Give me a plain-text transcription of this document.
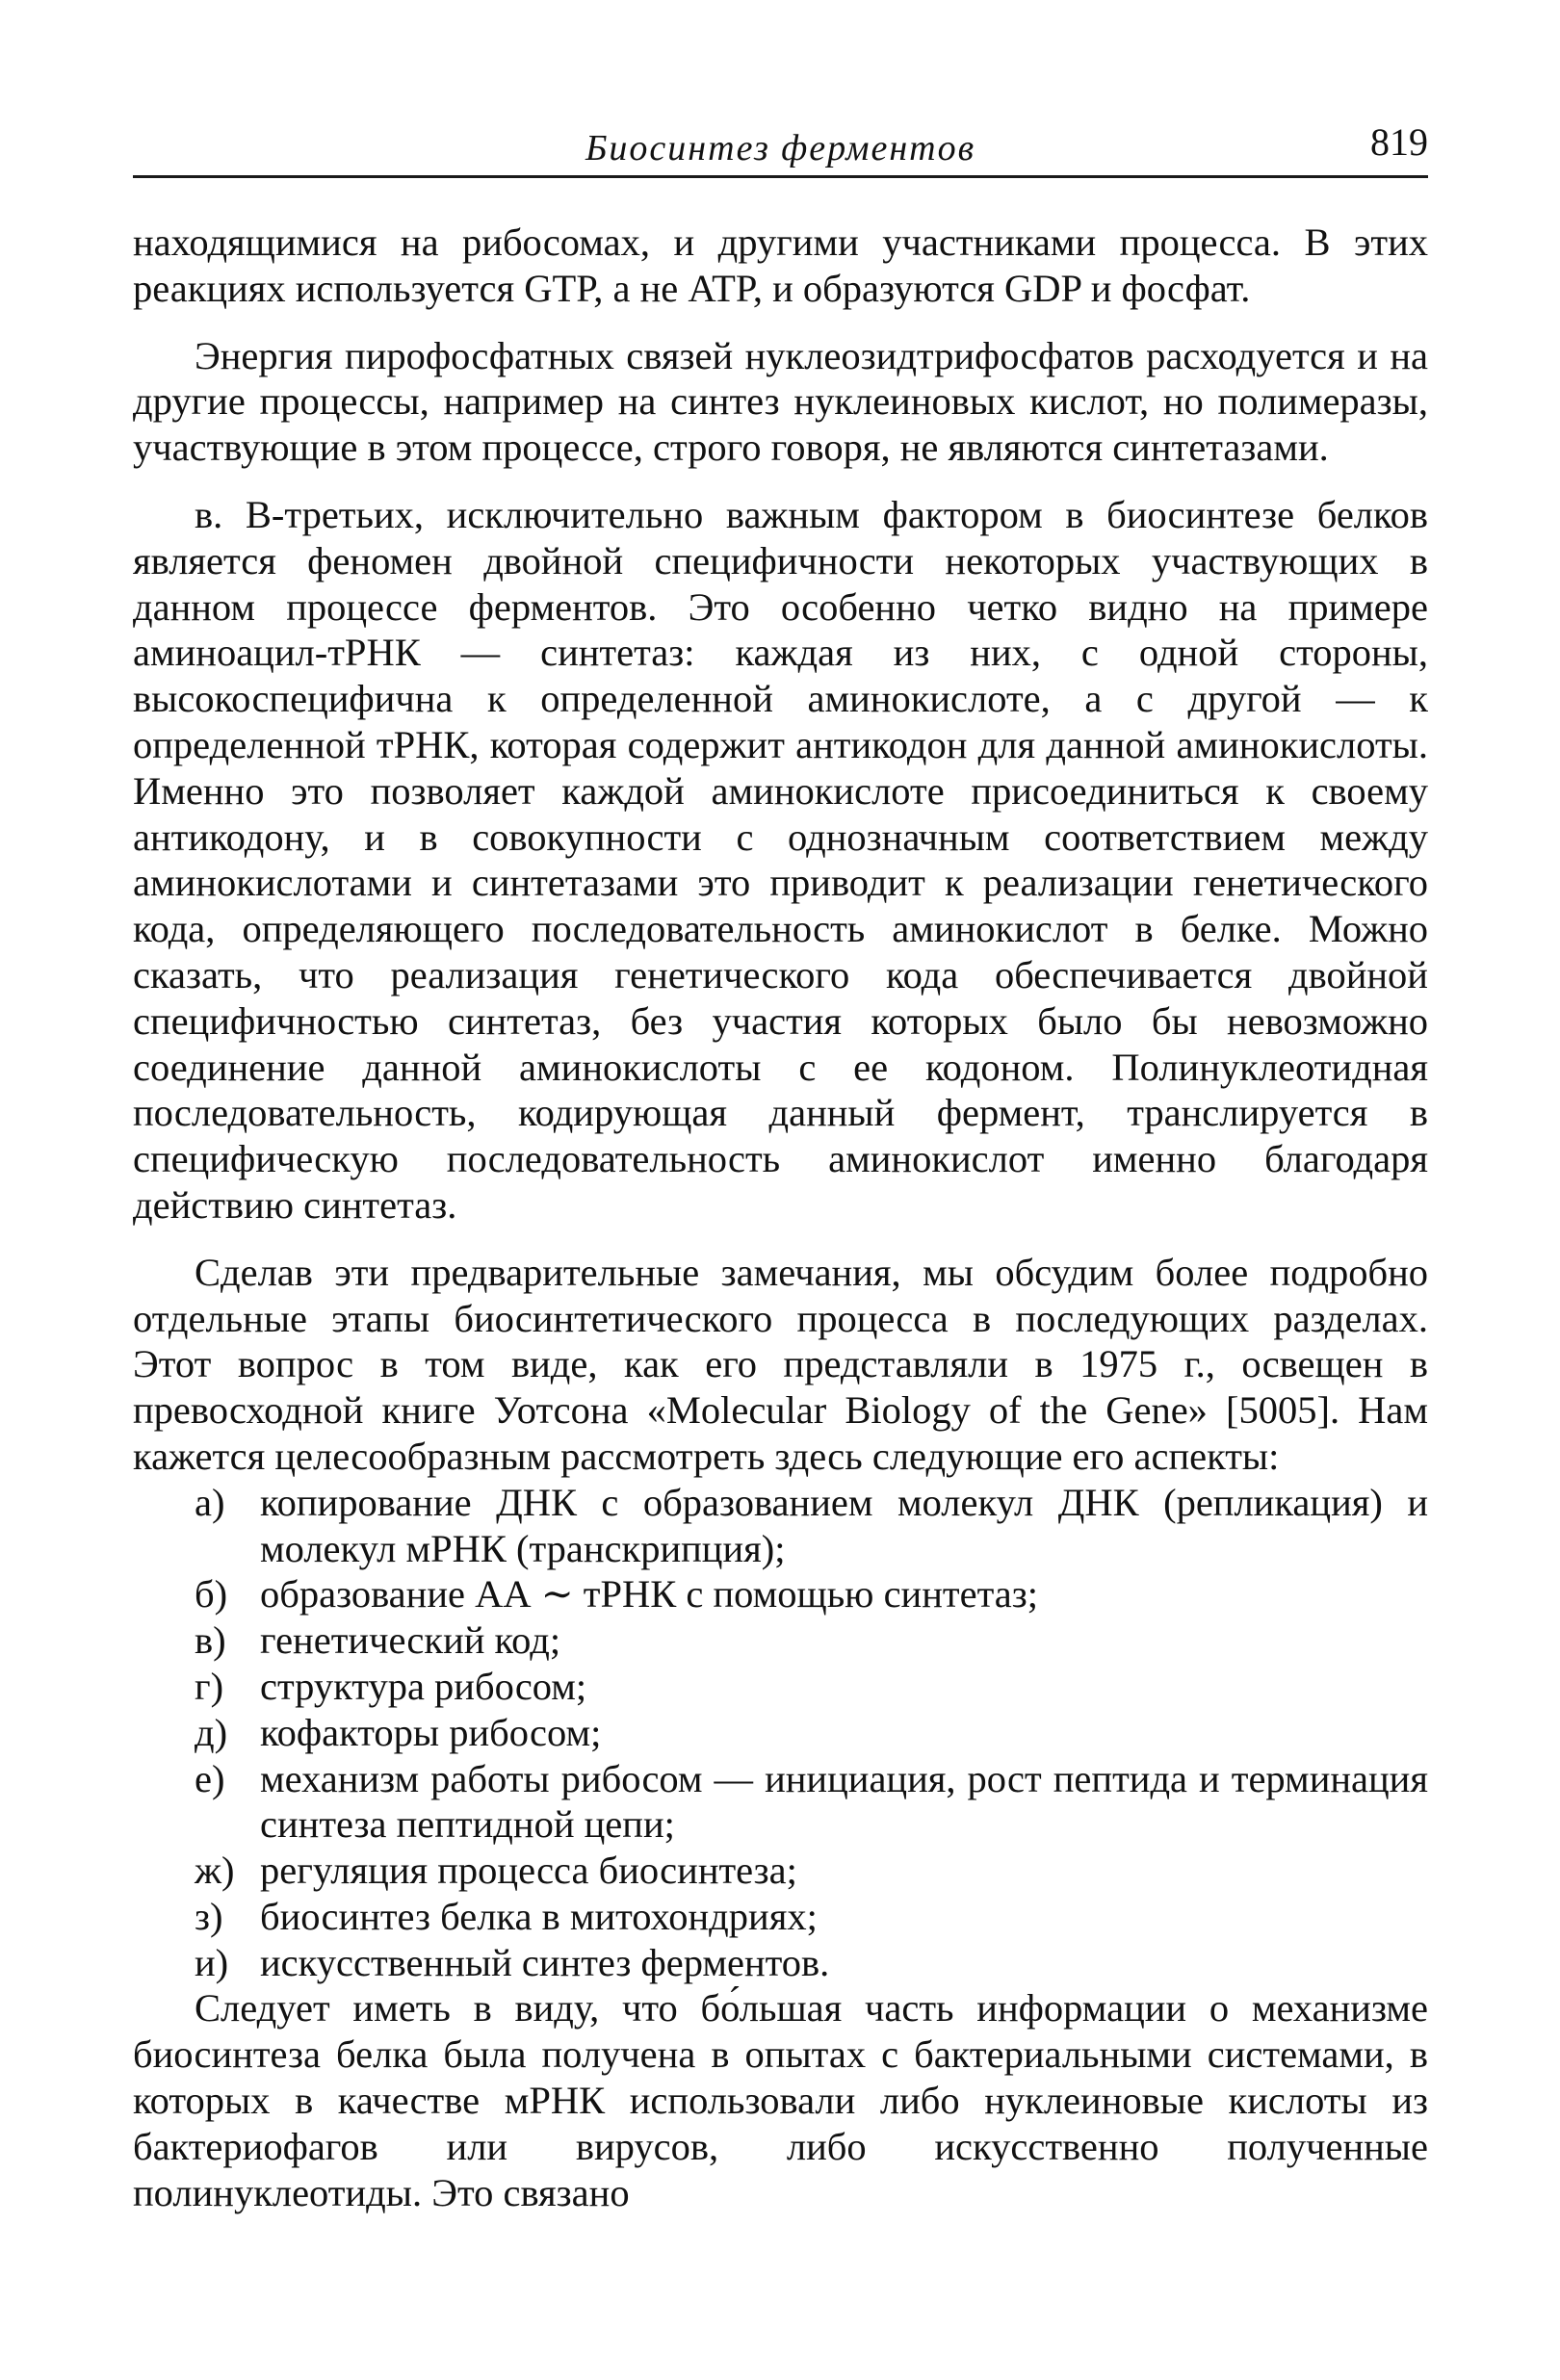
Биосинтез ферментов	819

находящимися на рибосомах, и другими участниками процесса. В этих реакциях используется GTP, а не ATP, и образуются GDP и фосфат.

Энергия пирофосфатных связей нуклеозидтрифосфатов расходуется и на другие процессы, например на синтез нуклеиновых кислот, но полимеразы, участвующие в этом процессе, строго говоря, не являются синтетазами.

в. В-третьих, исключительно важным фактором в биосинтезе белков является феномен двойной специфичности некоторых участвующих в данном процессе ферментов. Это особенно четко видно на примере аминоацил-тРНК — синтетаз: каждая из них, с одной стороны, высокоспецифична к определенной аминокислоте, а с другой — к определенной тРНК, которая содержит антикодон для данной аминокислоты. Именно это позволяет каждой аминокислоте присоединиться к своему антикодону, и в совокупности с однозначным соответствием между аминокислотами и синтетазами это приводит к реализации генетического кода, определяющего последовательность аминокислот в белке. Можно сказать, что реализация генетического кода обеспечивается двойной специфичностью синтетаз, без участия которых было бы невозможно соединение данной аминокислоты с ее кодоном. Полинуклеотидная последовательность, кодирующая данный фермент, транслируется в специфическую последовательность аминокислот именно благодаря действию синтетаз.

Сделав эти предварительные замечания, мы обсудим более подробно отдельные этапы биосинтетического процесса в последующих разделах. Этот вопрос в том виде, как его представляли в 1975 г., освещен в превосходной книге Уотсона «Molecular Biology of the Gene» [5005]. Нам кажется целесообразным рассмотреть здесь следующие его аспекты:

а) копирование ДНК с образованием молекул ДНК (репликация) и молекул мРНК (транскрипция);
б) образование АА ∼ тРНК с помощью синтетаз;
в) генетический код;
г) структура рибосом;
д) кофакторы рибосом;
е) механизм работы рибосом — инициация, рост пептида и терминация синтеза пептидной цепи;
ж) регуляция процесса биосинтеза;
з) биосинтез белка в митохондриях;
и) искусственный синтез ферментов.

Следует иметь в виду, что бо́льшая часть информации о механизме биосинтеза белка была получена в опытах с бактериальными системами, в которых в качестве мРНК использовали либо нуклеиновые кислоты из бактериофагов или вирусов, либо искусственно полученные полинуклеотиды. Это связано
